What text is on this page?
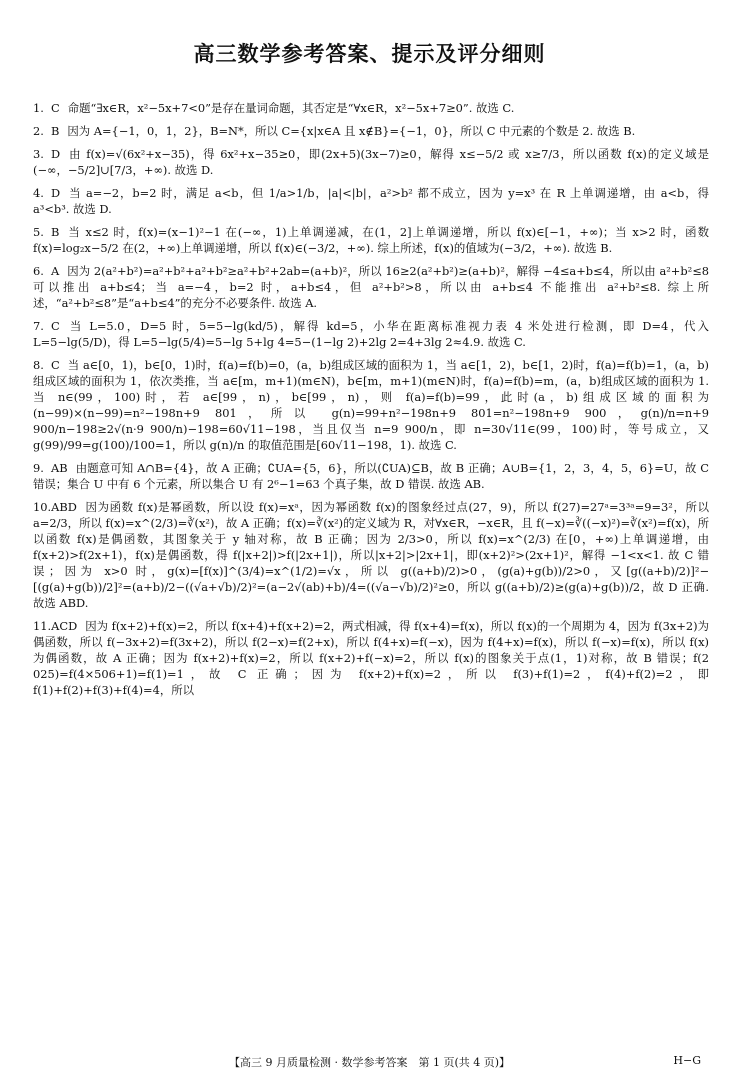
高三数学参考答案、提示及评分细则
1. C 命题“∃x∈R，x²−5x+7<0”是存在量词命题，其否定是“∀x∈R，x²−5x+7≥0”. 故选 C.

2. B 因为 A={−1，0，1，2}，B=N*，所以 C={x|x∈A 且 x∉B}={−1，0}，所以 C 中元素的个数是 2. 故选 B.

3. D 由 f(x)=√(6x²+x−35)，得 6x²+x−35≥0，即(2x+5)(3x−7)≥0，解得 x≤−5/2 或 x≥7/3，所以函数 f(x)的定义域是(−∞，−5/2]∪[7/3，+∞). 故选 D.

4. D 当 a=−2，b=2 时，满足 a<b，但 1/a>1/b，|a|<|b|，a²>b² 都不成立，因为 y=x³ 在 R 上单调递增，由 a<b，得 a³<b³. 故选 D.

5. B 当 x≤2 时，f(x)=(x−1)²−1 在(−∞，1)上单调递减，在(1，2]上单调递增，所以 f(x)∈[−1，+∞)；当 x>2 时，函数 f(x)=log₂x−5/2 在(2，+∞)上单调递增，所以 f(x)∈(−3/2，+∞). 综上所述，f(x)的值域为(−3/2，+∞). 故选 B.

6. A 因为 2(a²+b²)=a²+b²+a²+b²≥a²+b²+2ab=(a+b)²，所以 16≥2(a²+b²)≥(a+b)²，解得 −4≤a+b≤4，所以由 a²+b²≤8 可以推出 a+b≤4；当 a=−4，b=2 时，a+b≤4，但 a²+b²>8，所以由 a+b≤4 不能推出 a²+b²≤8. 综上所述，“a²+b²≤8”是“a+b≤4”的充分不必要条件. 故选 A.

7. C 当 L=5.0，D=5 时，5=5−lg(kd/5)，解得 kd=5，小华在距离标准视力表 4 米处进行检测，即 D=4，代入 L=5−lg(5/D)，得 L=5−lg(5/4)=5−lg 5+lg 4=5−(1−lg 2)+2lg 2=4+3lg 2≈4.9. 故选 C.

8. C 当 a∈[0，1)，b∈[0，1)时，f(a)=f(b)=0，(a，b)组成区域的面积为 1，当 a∈[1，2)，b∈[1，2)时，f(a)=f(b)=1，(a，b)组成区域的面积为 1，依次类推，当 a∈[m，m+1)(m∈N)，b∈[m，m+1)(m∈N)时，f(a)=f(b)=m，(a，b)组成区域的面积为 1. 当 n∈(99，100)时，若 a∈[99，n)，b∈[99，n)，则 f(a)=f(b)=99，此时(a，b)组成区域的面积为(n−99)×(n−99)=n²−198n+9 801，所以 g(n)=99+n²−198n+9 801=n²−198n+9 900，g(n)/n=n+9 900/n−198≥2√(n·9 900/n)−198=60√11−198，当且仅当 n=9 900/n，即 n=30√11∈(99，100)时，等号成立，又 g(99)/99=g(100)/100=1，所以 g(n)/n 的取值范围是[60√11−198，1). 故选 C.

9. AB 由题意可知 A∩B={4}，故 A 正确；∁UA={5，6}，所以(∁UA)⊆B，故 B 正确；A∪B={1，2，3，4，5，6}=U，故 C 错误；集合 U 中有 6 个元素，所以集合 U 有 2⁶−1=63 个真子集，故 D 错误. 故选 AB.

10.ABD 因为函数 f(x)是幂函数，所以设 f(x)=xᵃ，因为幂函数 f(x)的图象经过点(27，9)，所以 f(27)=27ᵃ=3³ᵃ=9=3²，所以 a=2/3，所以 f(x)=x^(2/3)=∛(x²)，故 A 正确；f(x)=∛(x²)的定义域为 R，对∀x∈R，−x∈R，且 f(−x)=∛((−x)²)=∛(x²)=f(x)，所以函数 f(x)是偶函数，其图象关于 y 轴对称，故 B 正确；因为 2/3>0，所以 f(x)=x^(2/3) 在[0，+∞)上单调递增，由 f(x+2)>f(2x+1)，f(x)是偶函数，得 f(|x+2|)>f(|2x+1|)，所以|x+2|>|2x+1|，即(x+2)²>(2x+1)²，解得 −1<x<1. 故 C 错误；因为 x>0 时，g(x)=[f(x)]^(3/4)=x^(1/2)=√x，所以 g((a+b)/2)>0，(g(a)+g(b))/2>0，又[g((a+b)/2)]²−[(g(a)+g(b))/2]²=(a+b)/2−((√a+√b)/2)²=(a−2√(ab)+b)/4=((√a−√b)/2)²≥0，所以 g((a+b)/2)≥(g(a)+g(b))/2，故 D 正确. 故选 ABD.

11.ACD 因为 f(x+2)+f(x)=2，所以 f(x+4)+f(x+2)=2，两式相减，得 f(x+4)=f(x)，所以 f(x)的一个周期为 4，因为 f(3x+2)为偶函数，所以 f(−3x+2)=f(3x+2)，所以 f(2−x)=f(2+x)，所以 f(4+x)=f(−x)，因为 f(4+x)=f(x)，所以 f(−x)=f(x)，所以 f(x)为偶函数，故 A 正确；因为 f(x+2)+f(x)=2，所以 f(x+2)+f(−x)=2，所以 f(x)的图象关于点(1，1)对称，故 B 错误；f(2 025)=f(4×506+1)=f(1)=1，故 C 正确；因为 f(x+2)+f(x)=2，所以 f(3)+f(1)=2，f(4)+f(2)=2，即 f(1)+f(2)+f(3)+f(4)=4，所以

【高三 9 月质量检测 · 数学参考答案　第 1 页(共 4 页)】	H−G
